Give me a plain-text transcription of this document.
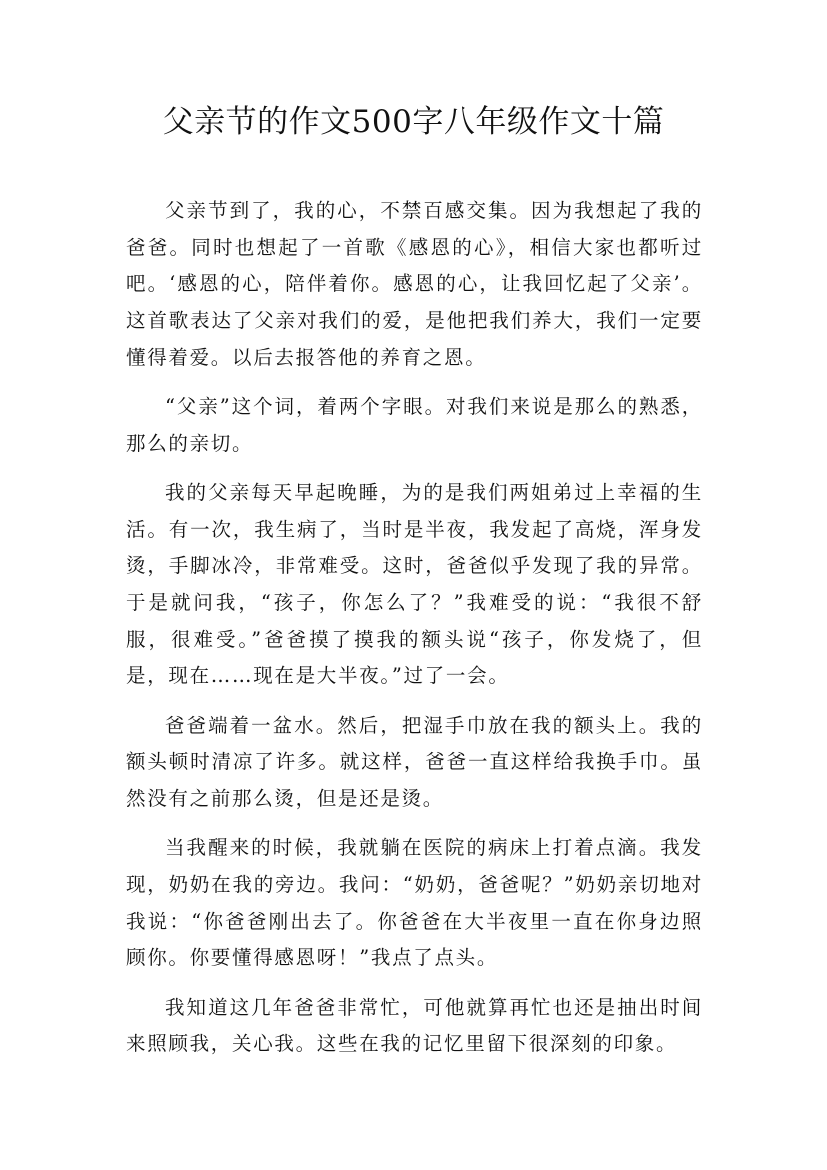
父亲节的作文500字八年级作文十篇

父亲节到了，我的心，不禁百感交集。因为我想起了我的爸爸。同时也想起了一首歌《感恩的心》，相信大家也都听过吧。‘感恩的心，陪伴着你。感恩的心，让我回忆起了父亲’。这首歌表达了父亲对我们的爱，是他把我们养大，我们一定要懂得着爱。以后去报答他的养育之恩。

“父亲”这个词，着两个字眼。对我们来说是那么的熟悉，那么的亲切。

我的父亲每天早起晚睡，为的是我们两姐弟过上幸福的生活。有一次，我生病了，当时是半夜，我发起了高烧，浑身发烫，手脚冰冷，非常难受。这时，爸爸似乎发现了我的异常。于是就问我，“孩子，你怎么了？”我难受的说：“我很不舒服，很难受。”爸爸摸了摸我的额头说“孩子，你发烧了，但是，现在……现在是大半夜。”过了一会。

爸爸端着一盆水。然后，把湿手巾放在我的额头上。我的额头顿时清凉了许多。就这样，爸爸一直这样给我换手巾。虽然没有之前那么烫，但是还是烫。

当我醒来的时候，我就躺在医院的病床上打着点滴。我发现，奶奶在我的旁边。我问：“奶奶，爸爸呢？”奶奶亲切地对我说：“你爸爸刚出去了。你爸爸在大半夜里一直在你身边照顾你。你要懂得感恩呀！”我点了点头。

我知道这几年爸爸非常忙，可他就算再忙也还是抽出时间来照顾我，关心我。这些在我的记忆里留下很深刻的印象。
